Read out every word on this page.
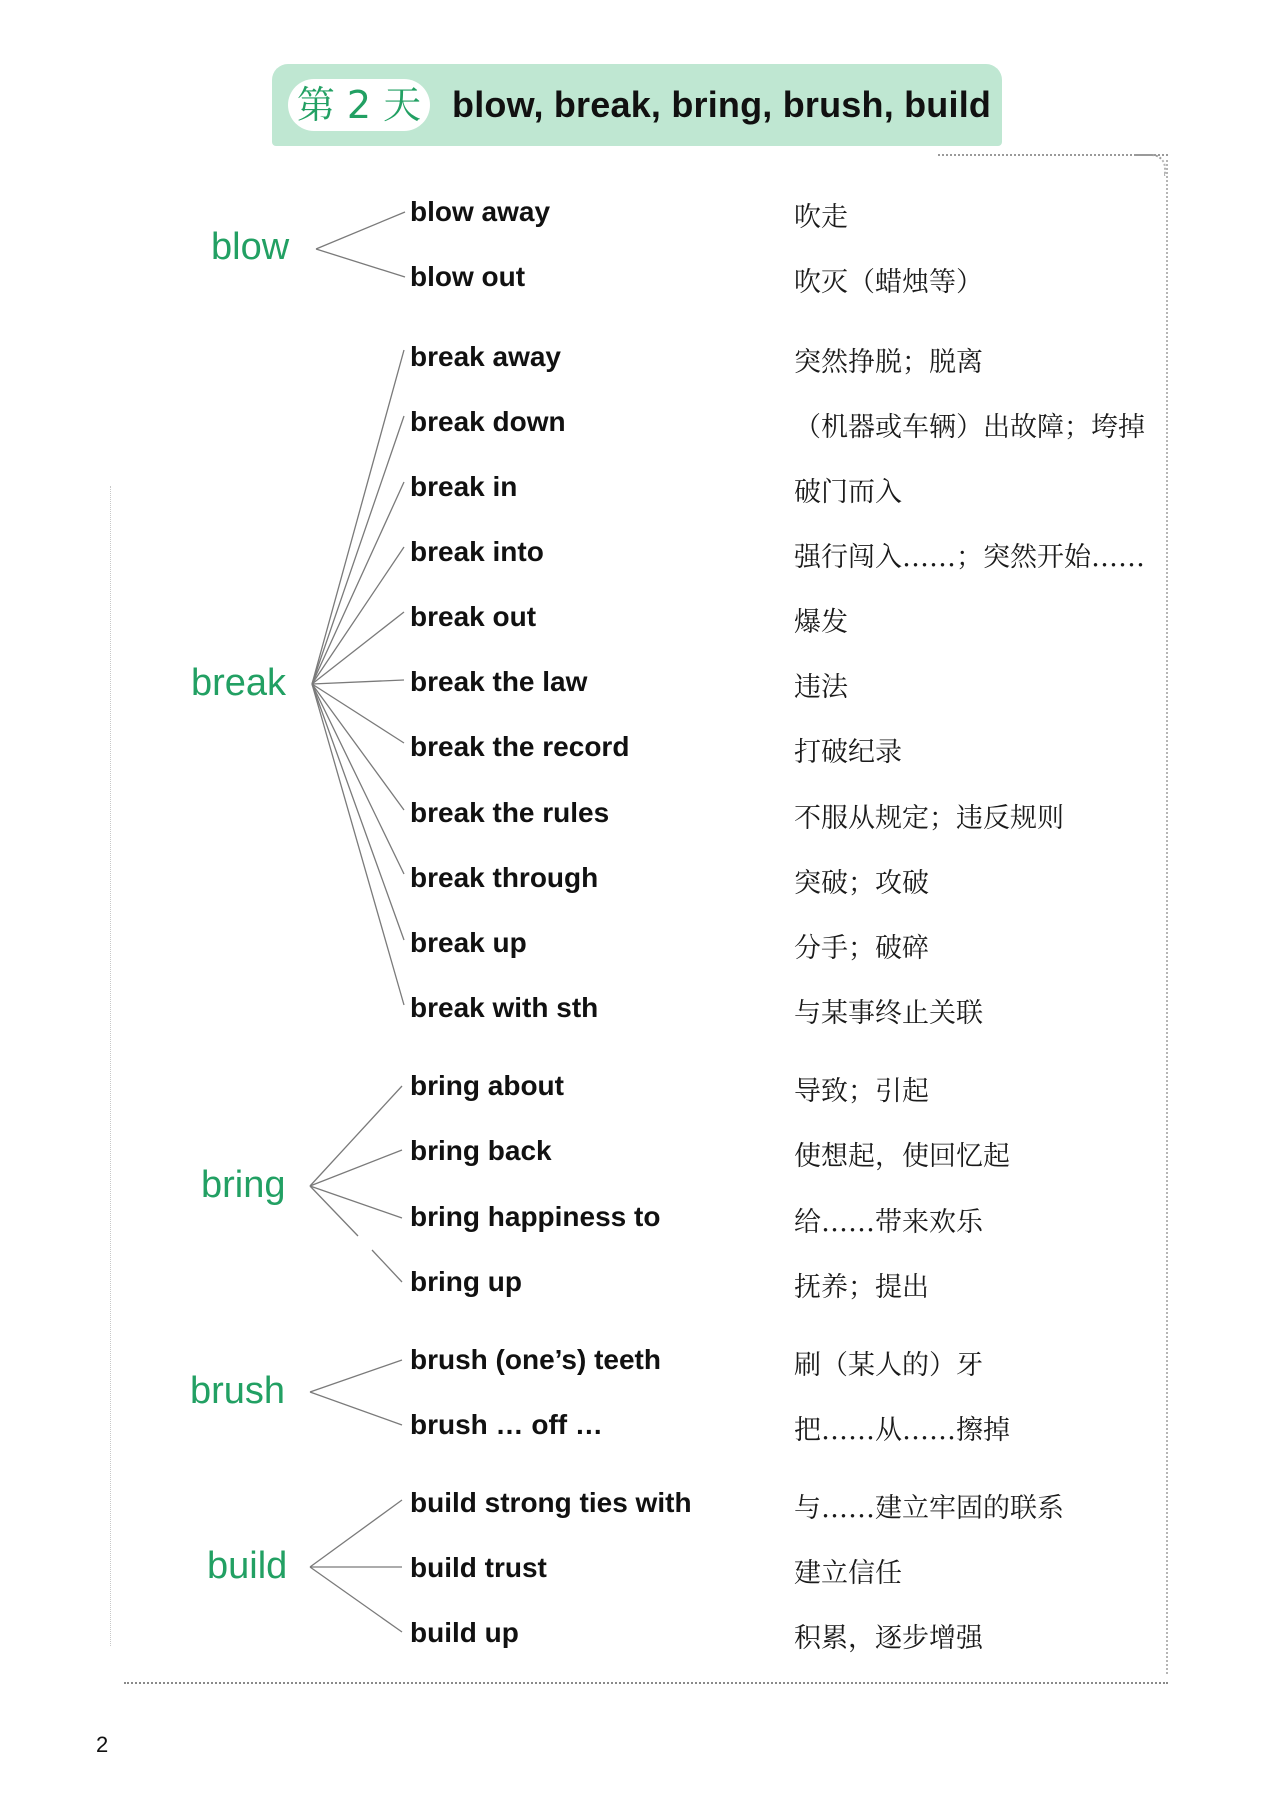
第 2 天 blow, break, bring, brush, build
blow
break
bring
brush
build
blow away	吹走
blow out	吹灭（蜡烛等）
break away	突然挣脱；脱离
break down	（机器或车辆）出故障；垮掉
break in	破门而入
break into	强行闯入……；突然开始……
break out	爆发
break the law	违法
break the record	打破纪录
break the rules	不服从规定；违反规则
break through	突破；攻破
break up	分手；破碎
break with sth	与某事终止关联
bring about	导致；引起
bring back	使想起，使回忆起
bring happiness to	给……带来欢乐
bring up	抚养；提出
brush (one’s) teeth	刷（某人的）牙
brush … off …	把……从……擦掉
build strong ties with	与……建立牢固的联系
build trust	建立信任
build up	积累，逐步增强
2
